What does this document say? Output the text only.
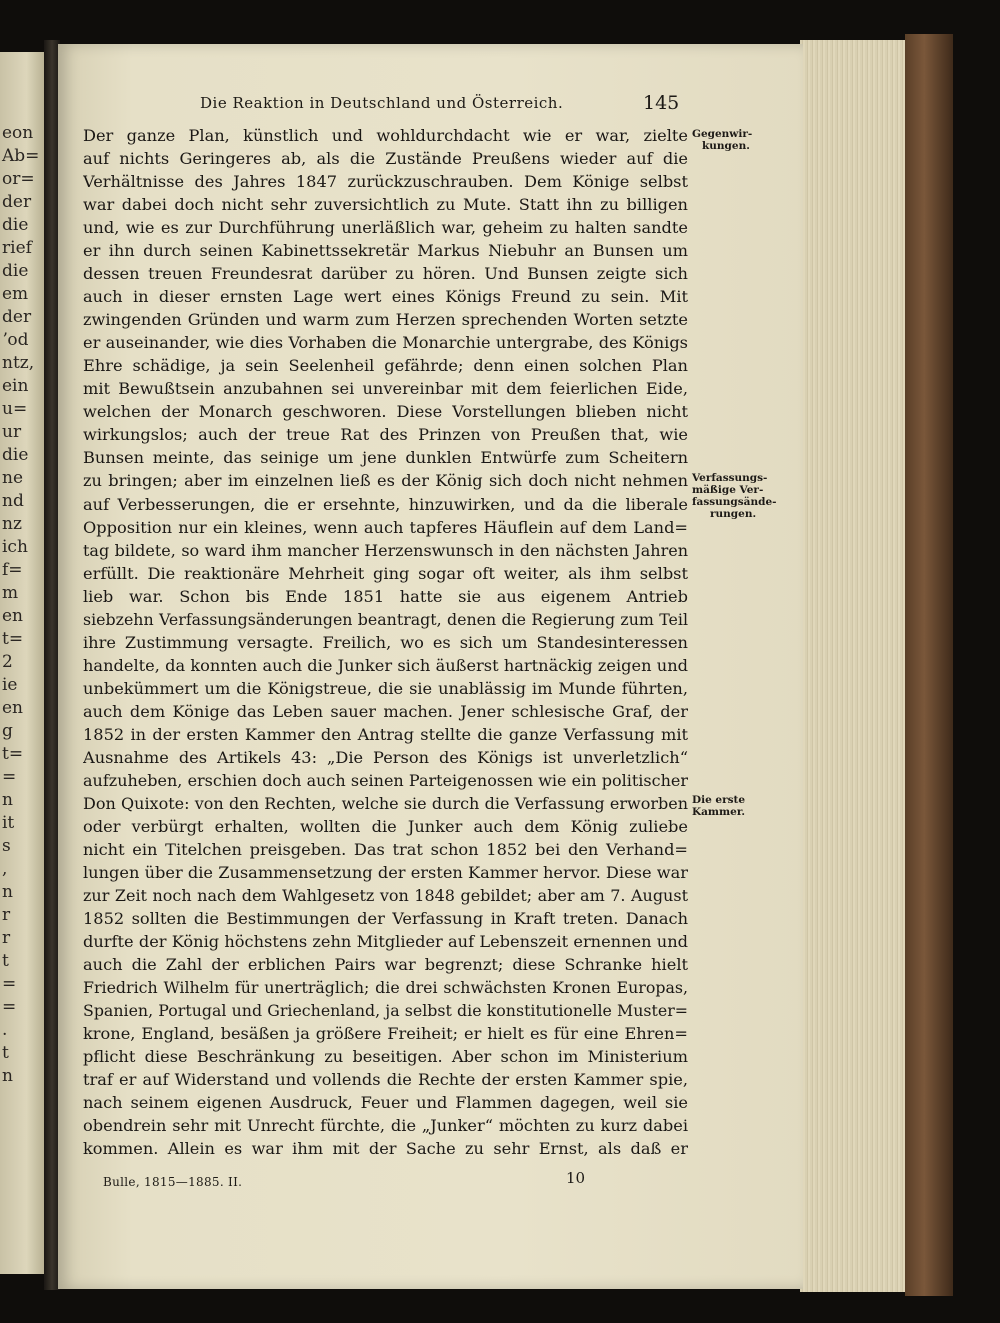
eon
Ab=
or=
der
die
rief
die
em
der
ʼod
ntz,
ein
u=
ur
die
ne
nd
nz
ich
f=
m
en
t=
2
ie
en
g
t=
=
n
it
s
,
n
r
r
t
=
=
.
t
n
Die Reaktion in Deutschland und Österreich.	145
Der ganze Plan, künstlich und wohldurchdacht wie er war, zielte
auf nichts Geringeres ab, als die Zustände Preußens wieder auf die
Verhältnisse des Jahres 1847 zurückzuschrauben. Dem Könige selbst
war dabei doch nicht sehr zuversichtlich zu Mute. Statt ihn zu billigen
und, wie es zur Durchführung unerläßlich war, geheim zu halten sandte
er ihn durch seinen Kabinettssekretär Markus Niebuhr an Bunsen um
dessen treuen Freundesrat darüber zu hören. Und Bunsen zeigte sich
auch in dieser ernsten Lage wert eines Königs Freund zu sein. Mit
zwingenden Gründen und warm zum Herzen sprechenden Worten setzte
er auseinander, wie dies Vorhaben die Monarchie untergrabe, des Königs
Ehre schädige, ja sein Seelenheil gefährde; denn einen solchen Plan
mit Bewußtsein anzubahnen sei unvereinbar mit dem feierlichen Eide,
welchen der Monarch geschworen. Diese Vorstellungen blieben nicht
wirkungslos; auch der treue Rat des Prinzen von Preußen that, wie
Bunsen meinte, das seinige um jene dunklen Entwürfe zum Scheitern
zu bringen; aber im einzelnen ließ es der König sich doch nicht nehmen
auf Verbesserungen, die er ersehnte, hinzuwirken, und da die liberale
Opposition nur ein kleines, wenn auch tapferes Häuflein auf dem Land=
tag bildete, so ward ihm mancher Herzenswunsch in den nächsten Jahren
erfüllt. Die reaktionäre Mehrheit ging sogar oft weiter, als ihm selbst
lieb war. Schon bis Ende 1851 hatte sie aus eigenem Antrieb
siebzehn Verfassungsänderungen beantragt, denen die Regierung zum Teil
ihre Zustimmung versagte. Freilich, wo es sich um Standesinteressen
handelte, da konnten auch die Junker sich äußerst hartnäckig zeigen und
unbekümmert um die Königstreue, die sie unablässig im Munde führten,
auch dem Könige das Leben sauer machen. Jener schlesische Graf, der
1852 in der ersten Kammer den Antrag stellte die ganze Verfassung mit
Ausnahme des Artikels 43: „Die Person des Königs ist unverletzlich“
aufzuheben, erschien doch auch seinen Parteigenossen wie ein politischer
Don Quixote: von den Rechten, welche sie durch die Verfassung erworben
oder verbürgt erhalten, wollten die Junker auch dem König zuliebe
nicht ein Titelchen preisgeben. Das trat schon 1852 bei den Verhand=
lungen über die Zusammensetzung der ersten Kammer hervor. Diese war
zur Zeit noch nach dem Wahlgesetz von 1848 gebildet; aber am 7. August
1852 sollten die Bestimmungen der Verfassung in Kraft treten. Danach
durfte der König höchstens zehn Mitglieder auf Lebenszeit ernennen und
auch die Zahl der erblichen Pairs war begrenzt; diese Schranke hielt
Friedrich Wilhelm für unerträglich; die drei schwächsten Kronen Europas,
Spanien, Portugal und Griechenland, ja selbst die konstitutionelle Muster=
krone, England, besäßen ja größere Freiheit; er hielt es für eine Ehren=
pflicht diese Beschränkung zu beseitigen. Aber schon im Ministerium
traf er auf Widerstand und vollends die Rechte der ersten Kammer spie,
nach seinem eigenen Ausdruck, Feuer und Flammen dagegen, weil sie
obendrein sehr mit Unrecht fürchte, die „Junker“ möchten zu kurz dabei
kommen. Allein es war ihm mit der Sache zu sehr Ernst, als daß er
Gegenwir-
kungen.
Verfassungs-
mäßige Ver-
fassungsände-
rungen.
Die erste
Kammer.
Bulle, 1815—1885. II.	10
